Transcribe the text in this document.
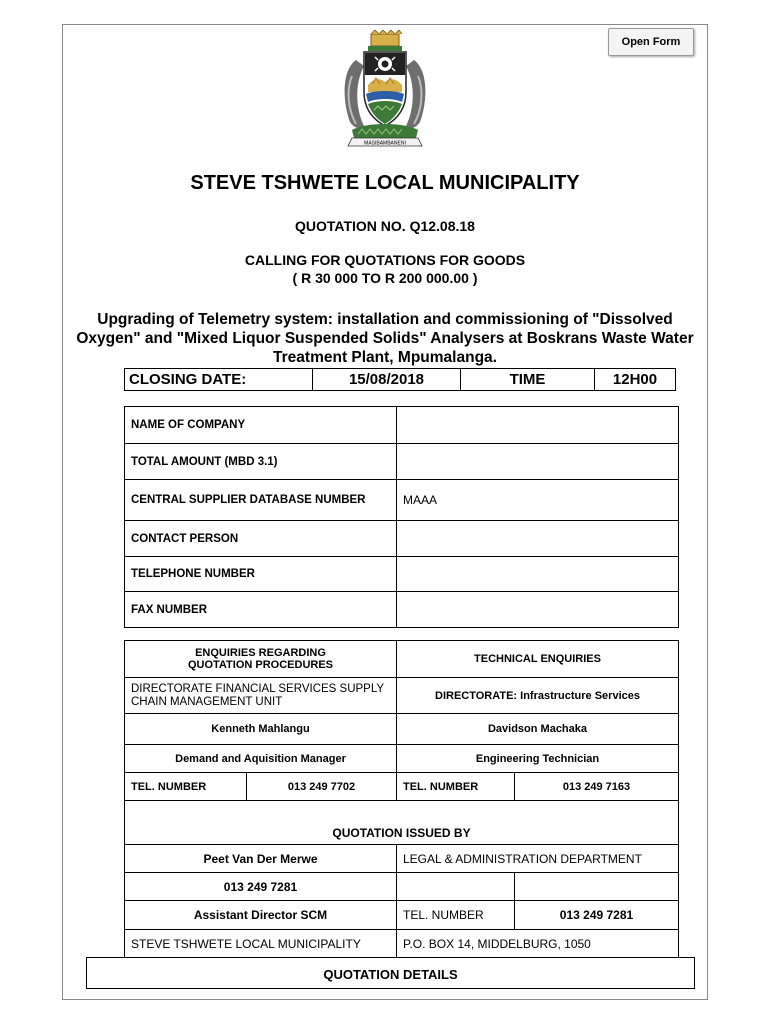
Open Form
MASIBAMBANENI
STEVE TSHWETE LOCAL MUNICIPALITY
QUOTATION NO. Q12.08.18
CALLING FOR QUOTATIONS FOR GOODS
( R 30 000 TO R 200 000.00 )
Upgrading of Telemetry system: installation and commissioning of "Dissolved Oxygen" and "Mixed Liquor Suspended Solids" Analysers at Boskrans Waste Water Treatment Plant, Mpumalanga.
CLOSING DATE:	15/08/2018	TIME	12H00
NAME OF COMPANY	
TOTAL AMOUNT (MBD 3.1)	
CENTRAL SUPPLIER DATABASE NUMBER	MAAA
CONTACT PERSON	
TELEPHONE NUMBER	
FAX NUMBER	
ENQUIRIES REGARDING QUOTATION PROCEDURES		TECHNICAL ENQUIRIES	
DIRECTORATE FINANCIAL SERVICES SUPPLY CHAIN MANAGEMENT UNIT		DIRECTORATE: Infrastructure Services	
Kenneth Mahlangu		Davidson Machaka	
Demand and Aquisition Manager		Engineering Technician	
TEL. NUMBER	013 249 7702	TEL. NUMBER	013 249 7163
QUOTATION ISSUED BY			
Peet Van Der Merwe		LEGAL & ADMINISTRATION DEPARTMENT	
013 249 7281			
Assistant Director SCM		TEL. NUMBER	013 249 7281
STEVE TSHWETE LOCAL MUNICIPALITY		P.O. BOX 14, MIDDELBURG, 1050	
QUOTATION DETAILS
